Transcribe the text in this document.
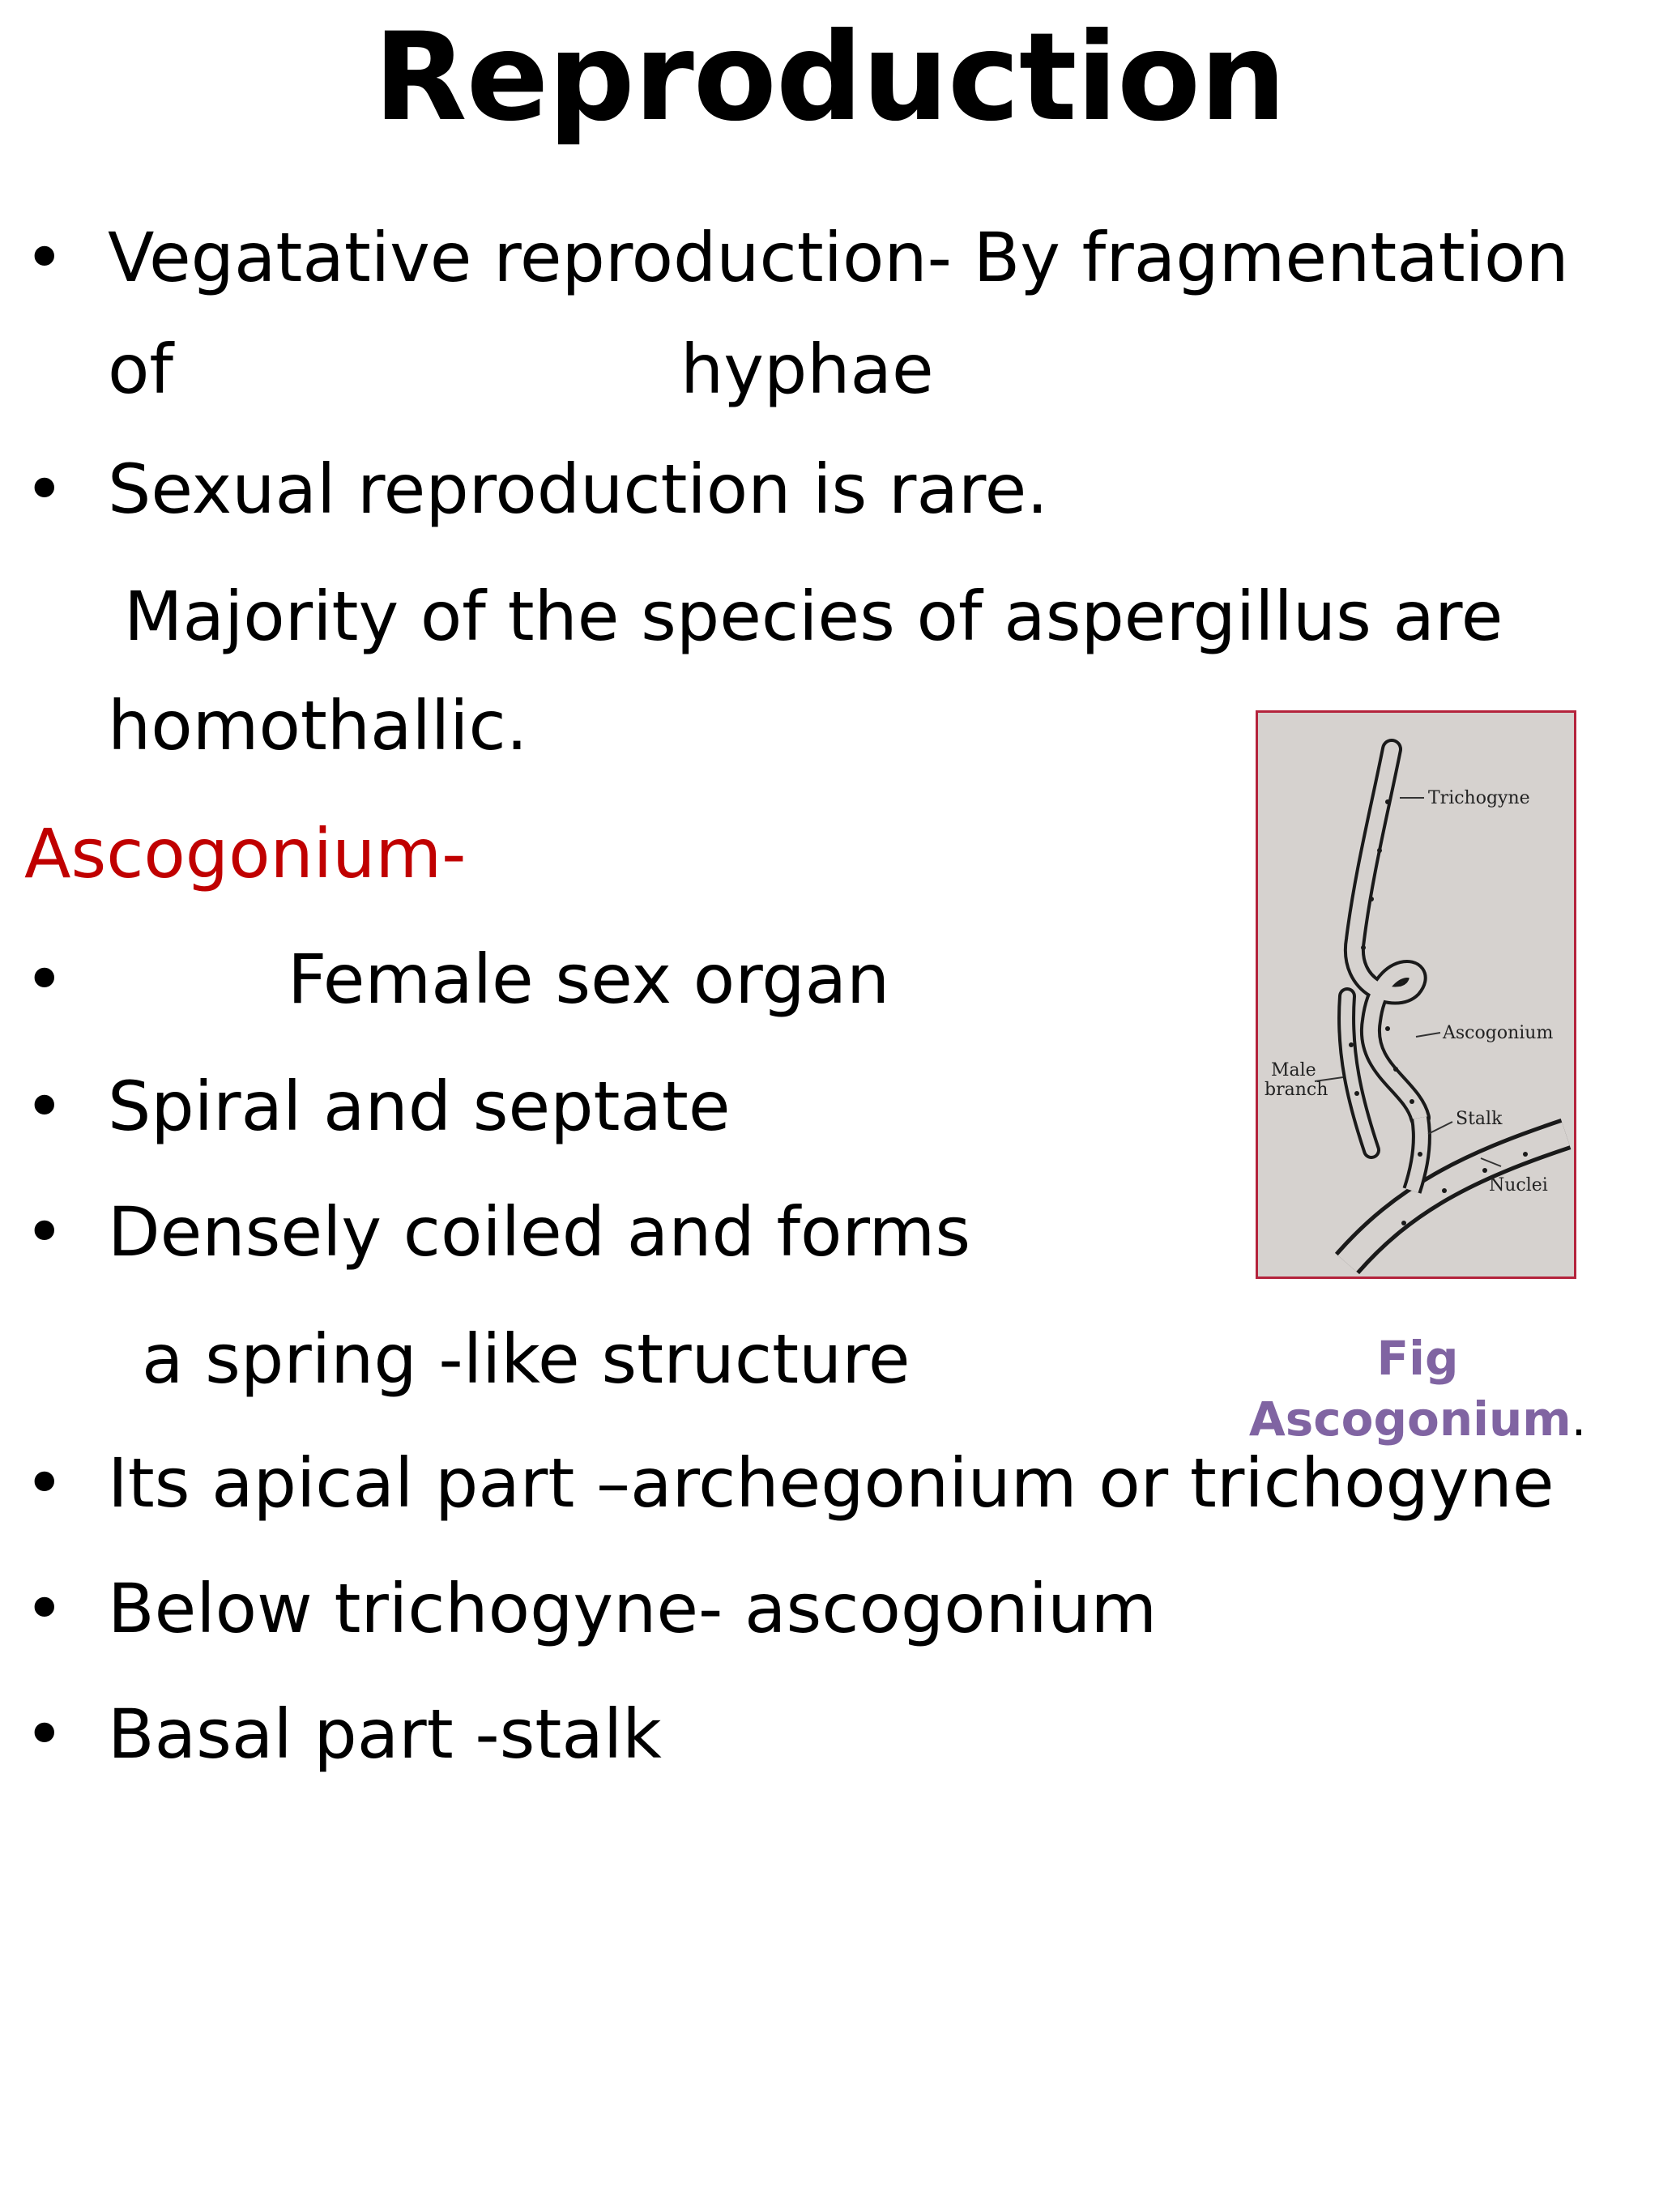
Reproduction
• Vegatative reproduction- By fragmentation
of	hyphae
• Sexual reproduction is rare.
Majority of the species of aspergillus are
homothallic.
Ascogonium-
•	Female sex organ
• Spiral and septate
• Densely coiled and forms
a spring -like structure
• Its apical part –archegonium or trichogyne
• Below trichogyne- ascogonium
• Basal part -stalk
Trichogyne
Ascogonium
Male
branch
Stalk
Nuclei
Fig
Ascogonium.
